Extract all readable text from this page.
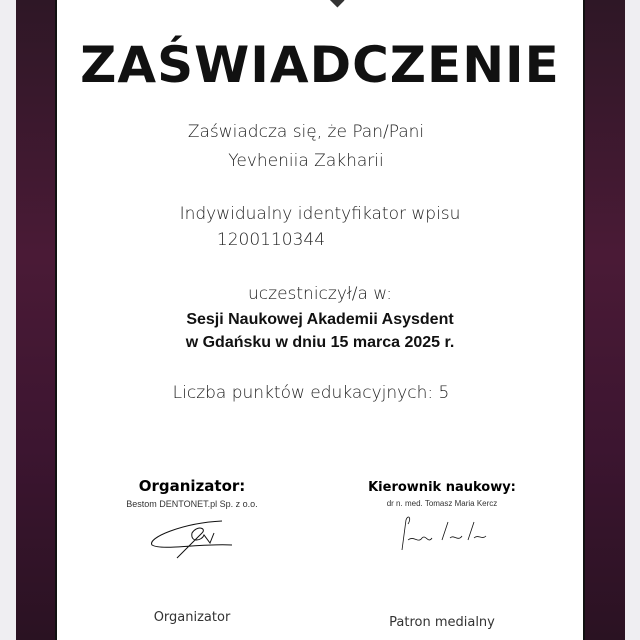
ZAŚWIADCZENIE
Zaświadcza się, że Pan/Pani
Yevheniia Zakharii
Indywidualny identyfikator wpisu
1200110344
uczestniczył/a w:
Sesji Naukowej Akademii Asysdent
w Gdańsku w dniu 15 marca 2025 r.
Liczba punktów edukacyjnych: 5
Organizator:
Bestom DENTONET.pl Sp. z o.o.
Organizator
Kierownik naukowy:
dr n. med. Tomasz Maria Kercz
Patron medialny
